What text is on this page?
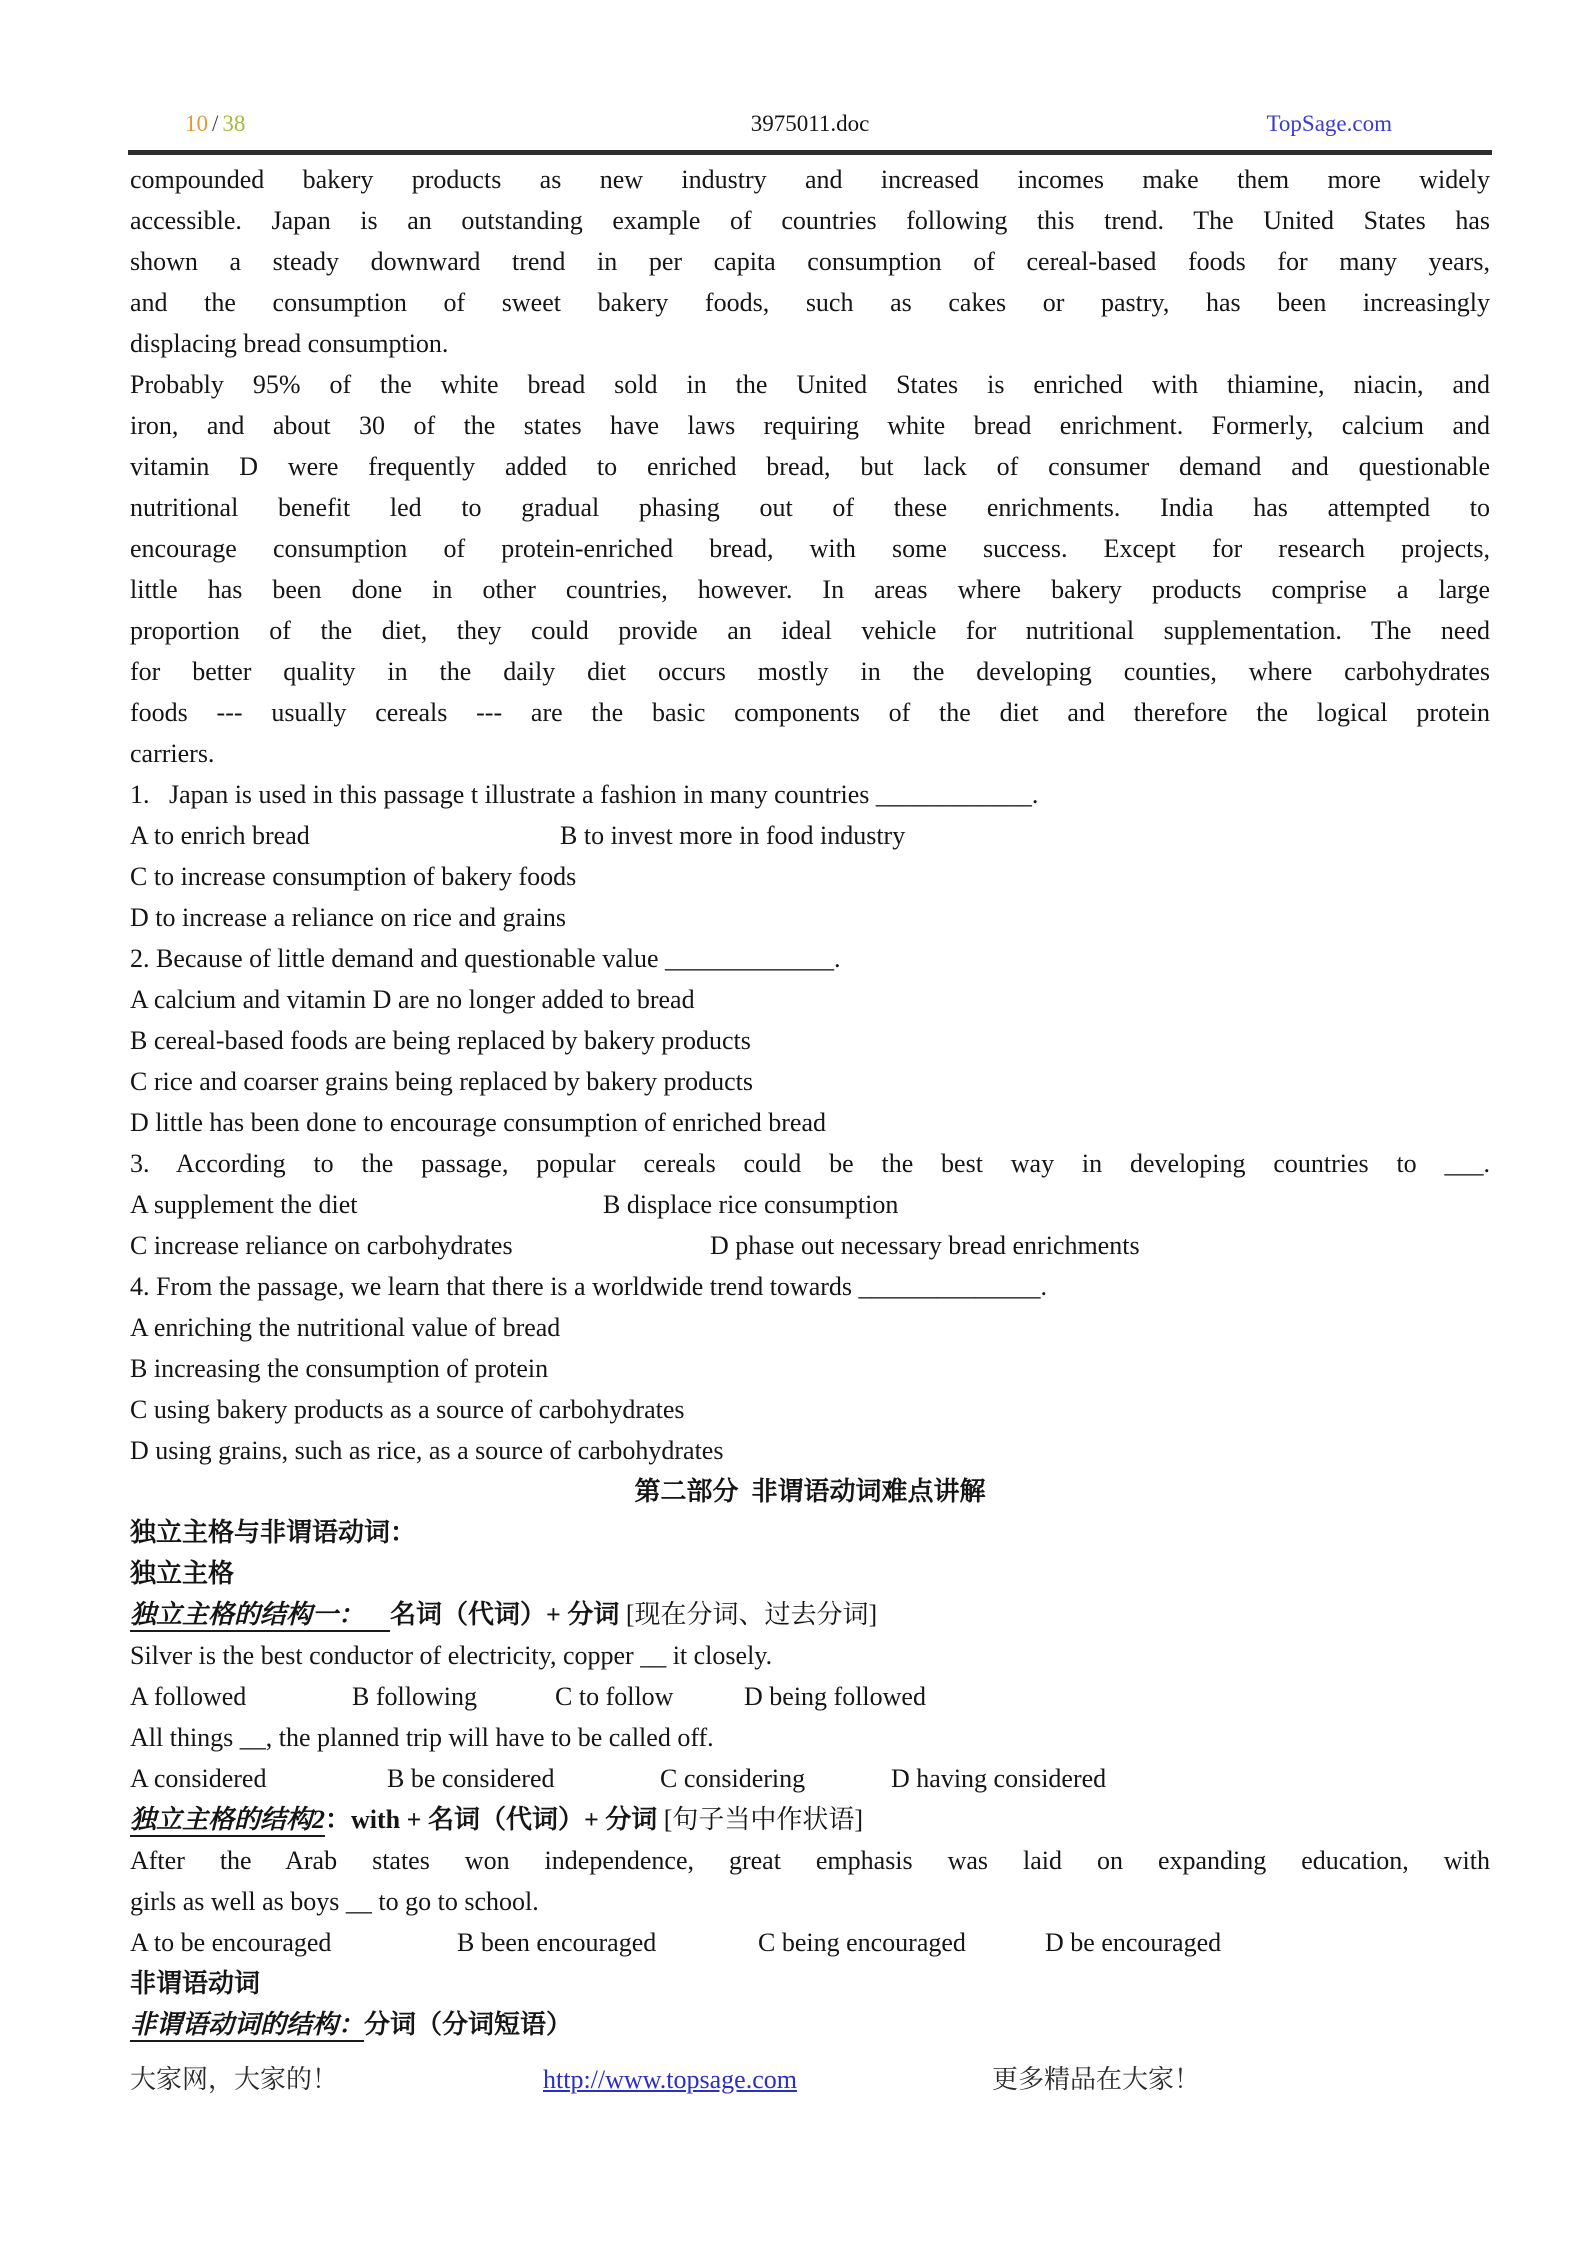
10 / 38	3975011.doc	TopSage.com
compounded bakery products as new industry and increased incomes make them more widely
accessible. Japan is an outstanding example of countries following this trend. The United States has
shown a steady downward trend in per capita consumption of cereal-based foods for many years,
and the consumption of sweet bakery foods, such as cakes or pastry, has been increasingly
displacing bread consumption.
Probably 95% of the white bread sold in the United States is enriched with thiamine, niacin, and
iron, and about 30 of the states have laws requiring white bread enrichment. Formerly, calcium and
vitamin D were frequently added to enriched bread, but lack of consumer demand and questionable
nutritional benefit led to gradual phasing out of these enrichments. India has attempted to
encourage consumption of protein-enriched bread, with some success. Except for research projects,
little has been done in other countries, however. In areas where bakery products comprise a large
proportion of the diet, they could provide an ideal vehicle for nutritional supplementation. The need
for better quality in the daily diet occurs mostly in the developing counties, where carbohydrates
foods --- usually cereals --- are the basic components of the diet and therefore the logical protein
carriers.
1.   Japan is used in this passage t illustrate a fashion in many countries ____________.
A to enrich bread	B to invest more in food industry
C to increase consumption of bakery foods
D to increase a reliance on rice and grains
2. Because of little demand and questionable value _____________.
A calcium and vitamin D are no longer added to bread
B cereal-based foods are being replaced by bakery products
C rice and coarser grains being replaced by bakery products
D little has been done to encourage consumption of enriched bread
3. According to the passage, popular cereals could be the best way in developing countries to ___.
A supplement the diet	B displace rice consumption
C increase reliance on carbohydrates	D phase out necessary bread enrichments
4. From the passage, we learn that there is a worldwide trend towards ______________.
A enriching the nutritional value of bread
B increasing the consumption of protein
C using bakery products as a source of carbohydrates
D using grains, such as rice, as a source of carbohydrates
第二部分  非谓语动词难点讲解
独立主格与非谓语动词：
独立主格
独立主格的结构一：    名词（代词）+ 分词 [现在分词、过去分词]
Silver is the best conductor of electricity, copper __ it closely.
A followed	B following	C to follow	D being followed
All things __, the planned trip will have to be called off.
A considered	B be considered	C considering	D having considered
独立主格的结构2：with + 名词（代词）+ 分词 [句子当中作状语]
After the Arab states won independence, great emphasis was laid on expanding education, with
girls as well as boys __ to go to school.
A to be encouraged	B been encouraged	C being encouraged	D be encouraged
非谓语动词
非谓语动词的结构：分词（分词短语）
大家网，大家的！	http://www.topsage.com	更多精品在大家！
